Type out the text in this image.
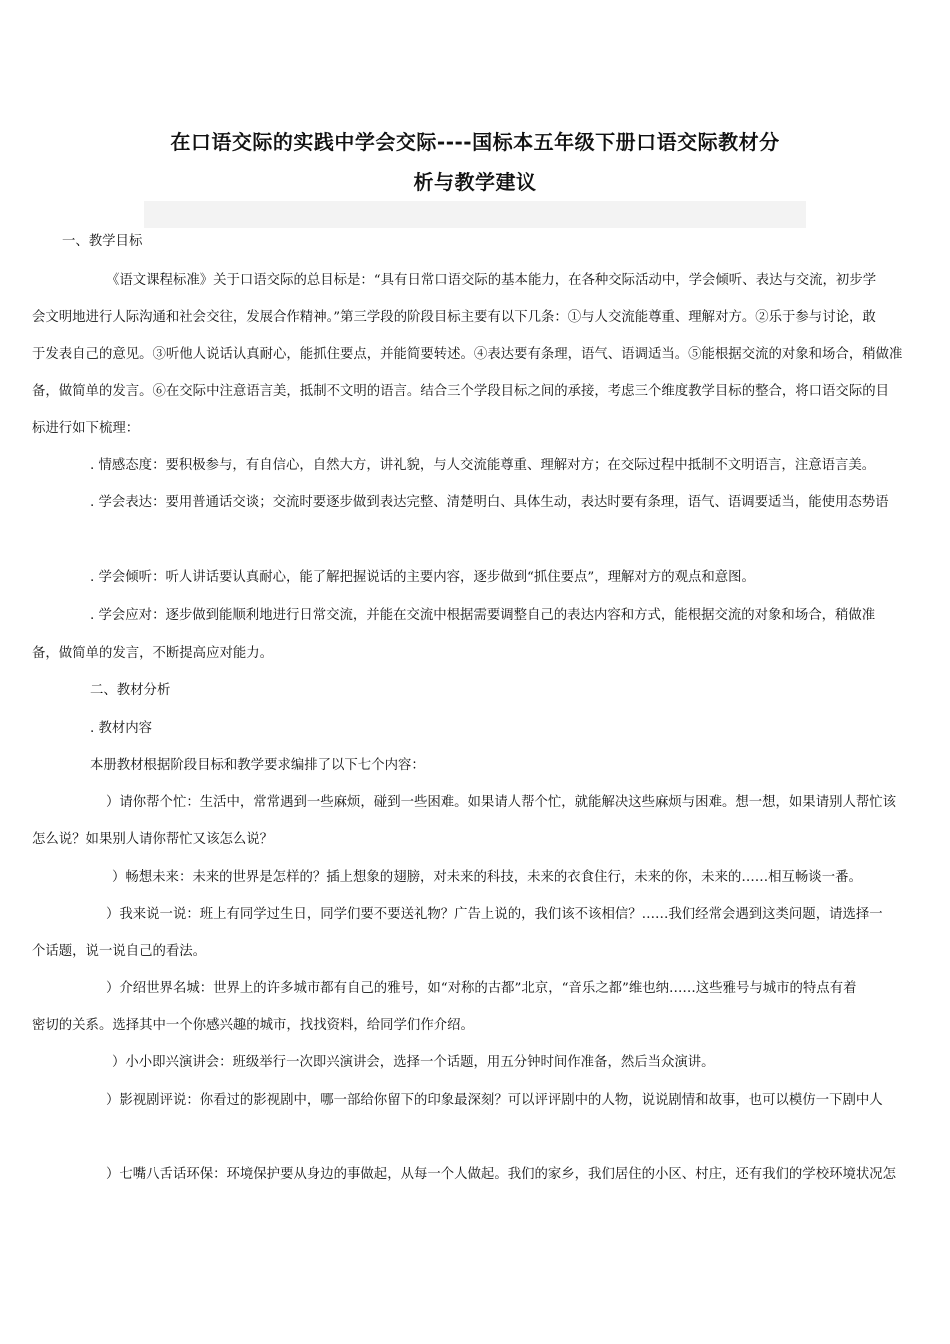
在口语交际的实践中学会交际----国标本五年级下册口语交际教材分
析与教学建议
一、教学目标
《语文课程标准》关于口语交际的总目标是：“具有日常口语交际的基本能力，在各种交际活动中，学会倾听、表达与交流，初步学
会文明地进行人际沟通和社会交往，发展合作精神。”第三学段的阶段目标主要有以下几条：①与人交流能尊重、理解对方。②乐于参与讨论，敢
于发表自己的意见。③听他人说话认真耐心，能抓住要点，并能简要转述。④表达要有条理，语气、语调适当。⑤能根据交流的对象和场合，稍做准
备，做简单的发言。⑥在交际中注意语言美，抵制不文明的语言。结合三个学段目标之间的承接，考虑三个维度教学目标的整合，将口语交际的目
标进行如下梳理：
. 情感态度：要积极参与，有自信心，自然大方，讲礼貌，与人交流能尊重、理解对方；在交际过程中抵制不文明语言，注意语言美。
. 学会表达：要用普通话交谈；交流时要逐步做到表达完整、清楚明白、具体生动，表达时要有条理，语气、语调要适当，能使用态势语
. 学会倾听：听人讲话要认真耐心，能了解把握说话的主要内容，逐步做到“抓住要点”，理解对方的观点和意图。
. 学会应对：逐步做到能顺利地进行日常交流，并能在交流中根据需要调整自己的表达内容和方式，能根据交流的对象和场合，稍做准
备，做简单的发言，不断提高应对能力。
二、教材分析
. 教材内容
本册教材根据阶段目标和教学要求编排了以下七个内容：
）请你帮个忙：生活中，常常遇到一些麻烦，碰到一些困难。如果请人帮个忙，就能解决这些麻烦与困难。想一想，如果请别人帮忙该
怎么说？如果别人请你帮忙又该怎么说？
）畅想未来：未来的世界是怎样的？插上想象的翅膀，对未来的科技，未来的衣食住行，未来的你，未来的……相互畅谈一番。
）我来说一说：班上有同学过生日，同学们要不要送礼物？广告上说的，我们该不该相信？……我们经常会遇到这类问题，请选择一
个话题，说一说自己的看法。
）介绍世界名城：世界上的许多城市都有自己的雅号，如“对称的古都”北京，“音乐之都”维也纳……这些雅号与城市的特点有着
密切的关系。选择其中一个你感兴趣的城市，找找资料，给同学们作介绍。
）小小即兴演讲会：班级举行一次即兴演讲会，选择一个话题，用五分钟时间作准备，然后当众演讲。
）影视剧评说：你看过的影视剧中，哪一部给你留下的印象最深刻？可以评评剧中的人物，说说剧情和故事，也可以模仿一下剧中人
）七嘴八舌话环保：环境保护要从身边的事做起，从每一个人做起。我们的家乡，我们居住的小区、村庄，还有我们的学校环境状况怎
